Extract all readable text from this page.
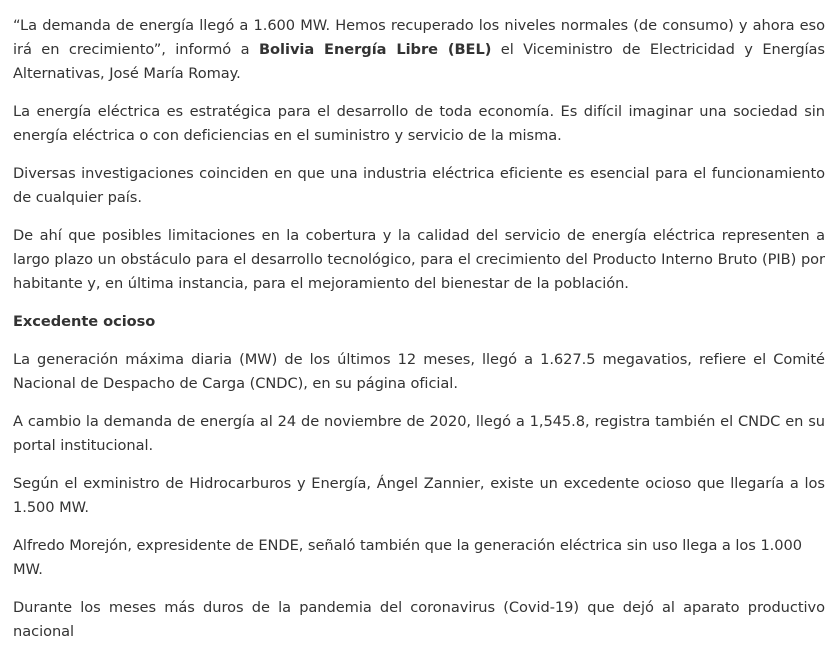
“La demanda de energía llegó a 1.600 MW. Hemos recuperado los niveles normales (de consumo) y ahora eso irá en crecimiento”, informó a Bolivia Energía Libre (BEL) el Viceministro de Electricidad y Energías Alternativas, José María Romay.

La energía eléctrica es estratégica para el desarrollo de toda economía. Es difícil imaginar una sociedad sin energía eléctrica o con deficiencias en el suministro y servicio de la misma.

Diversas investigaciones coinciden en que una industria eléctrica eficiente es esencial para el funcionamiento de cualquier país.

De ahí que posibles limitaciones en la cobertura y la calidad del servicio de energía eléctrica representen a largo plazo un obstáculo para el desarrollo tecnológico, para el crecimiento del Producto Interno Bruto (PIB) por habitante y, en última instancia, para el mejoramiento del bienestar de la población.

Excedente ocioso

La generación máxima diaria (MW) de los últimos 12 meses, llegó a 1.627.5 megavatios, refiere el Comité Nacional de Despacho de Carga (CNDC), en su página oficial.

A cambio la demanda de energía al 24 de noviembre de 2020, llegó a 1,545.8, registra también el CNDC en su portal institucional.

Según el exministro de Hidrocarburos y Energía, Ángel Zannier, existe un excedente ocioso que llegaría a los 1.500 MW.

Alfredo Morejón, expresidente de ENDE, señaló también que la generación eléctrica sin uso llega a los 1.000 MW.

Durante los meses más duros de la pandemia del coronavirus (Covid-19) que dejó al aparato productivo nacional
